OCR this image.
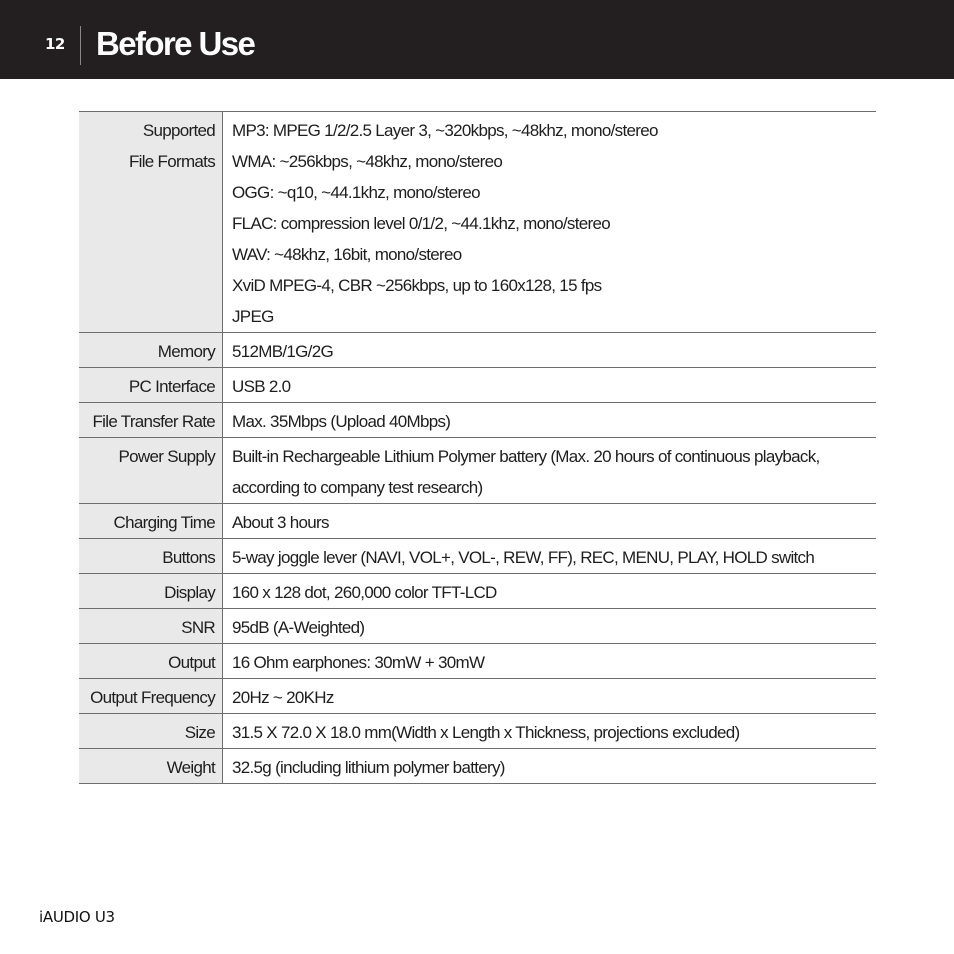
12 Before Use
Supported
File Formats
MP3: MPEG 1/2/2.5 Layer 3, ~320kbps, ~48khz, mono/stereo
WMA: ~256kbps, ~48khz, mono/stereo
OGG: ~q10, ~44.1khz, mono/stereo
FLAC: compression level 0/1/2, ~44.1khz, mono/stereo
WAV: ~48khz, 16bit, mono/stereo
XviD MPEG-4, CBR ~256kbps, up to 160x128, 15 fps
JPEG
Memory 512MB/1G/2G
PC Interface USB 2.0
File Transfer Rate Max. 35Mbps (Upload 40Mbps)
Power Supply Built-in Rechargeable Lithium Polymer battery (Max. 20 hours of continuous playback,
according to company test research)
Charging Time About 3 hours
Buttons 5-way joggle lever (NAVI, VOL+, VOL-, REW, FF), REC, MENU, PLAY, HOLD switch
Display 160 x 128 dot, 260,000 color TFT-LCD
SNR 95dB (A-Weighted)
Output 16 Ohm earphones: 30mW + 30mW
Output Frequency 20Hz ~ 20KHz
Size 31.5 X 72.0 X 18.0 mm(Width x Length x Thickness, projections excluded)
Weight 32.5g (including lithium polymer battery)
iAUDIO U3
